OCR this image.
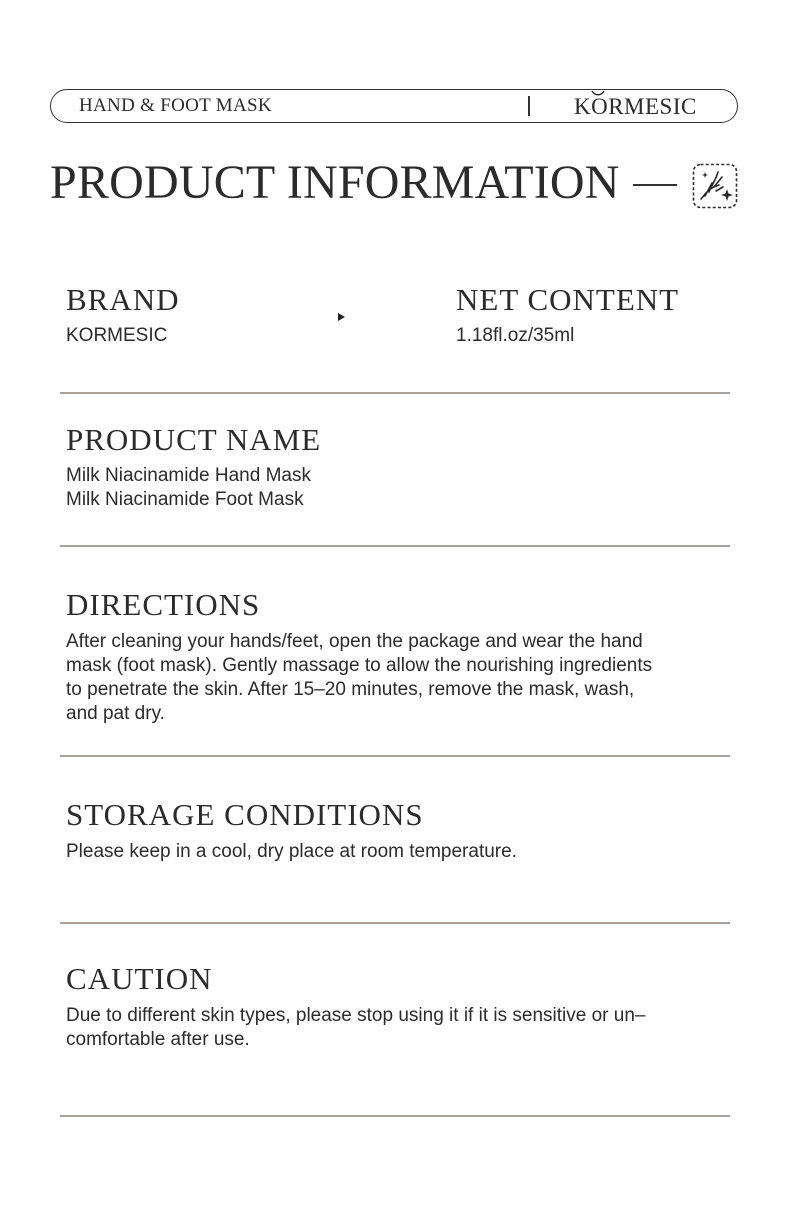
HAND & FOOT MASK	KORMESIC
PRODUCT INFORMATION
BRAND

KORMESIC

NET CONTENT

1.18fl.oz/35ml

PRODUCT NAME

Milk Niacinamide Hand Mask
Milk Niacinamide Foot Mask

DIRECTIONS

After cleaning your hands/feet, open the package and wear the hand
mask (foot mask). Gently massage to allow the nourishing ingredients
to penetrate the skin. After 15–20 minutes, remove the mask, wash,
and pat dry.

STORAGE CONDITIONS

Please keep in a cool, dry place at room temperature.

CAUTION

Due to different skin types, please stop using it if it is sensitive or un–
comfortable after use.
